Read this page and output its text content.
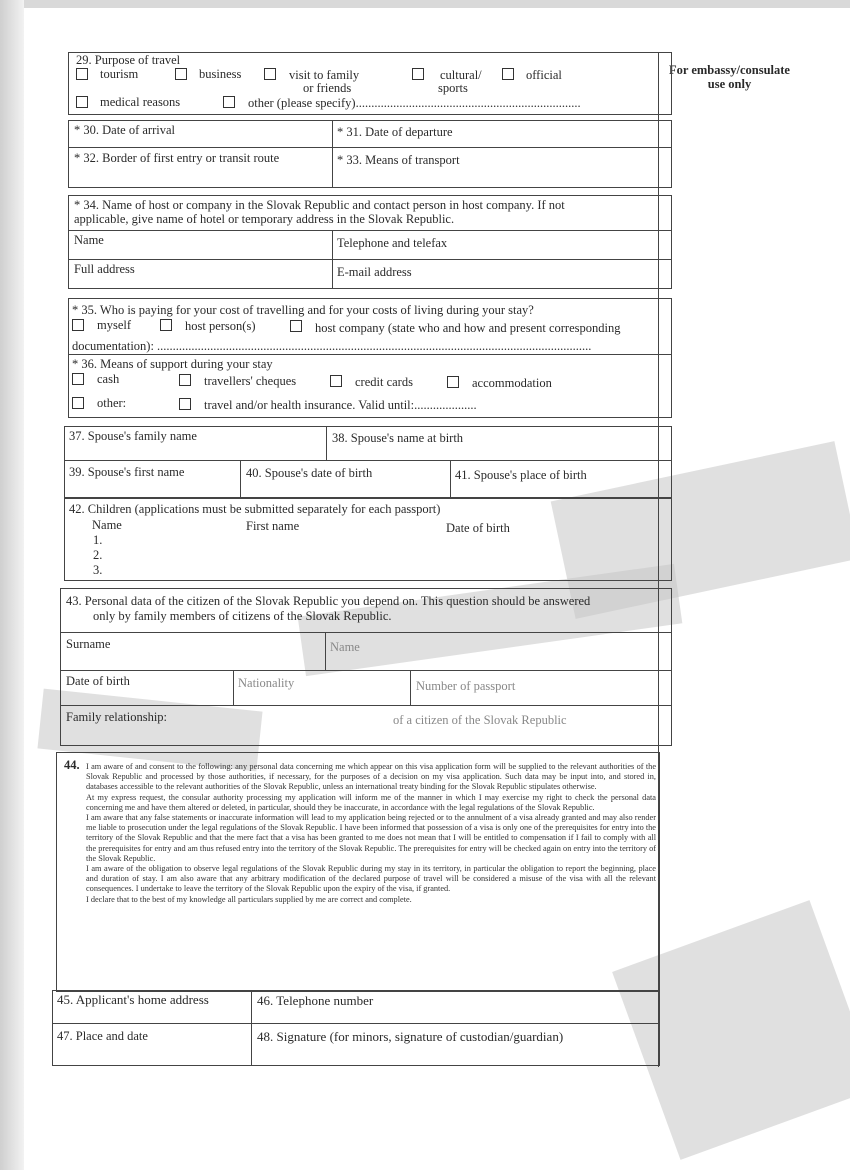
For embassy/consulate use only
29. Purpose of travel
tourism	business	visit to family
or friends
cultural/
sports
official
medical reasons	other (please specify)........................................................................
* 30. Date of arrival	* 31. Date of departure
* 32. Border of first entry or transit route	* 33. Means of transport
* 34. Name of host or company in the Slovak Republic and contact person in host company. If not
applicable, give name of hotel or temporary address in the Slovak Republic.
Name	Telephone and telefax
Full address	E-mail address
* 35. Who is paying for your cost of travelling and for your costs of living during your stay?
myself	host person(s)	host company (state who and how and present corresponding
documentation): ...........................................................................................................................................
* 36. Means of support during your stay
cash	travellers' cheques	credit cards	accommodation
other:	travel and/or health insurance. Valid until:....................
37. Spouse's family name	38. Spouse's name at birth
39. Spouse's first name	40. Spouse's date of birth	41. Spouse's place of birth
42. Children (applications must be submitted separately for each passport)
Name	First name	Date of birth
1.
2.
3.
43. Personal data of the citizen of the Slovak Republic you depend on. This question should be answered
only by family members of citizens of the Slovak Republic.
Surname	Name
Date of birth	Nationality	Number of passport
Family relationship:	of a citizen of the Slovak Republic
44. I am aware of and consent to the following: any personal data concerning me which appear on this visa application form will be supplied to the relevant authorities of the Slovak Republic and processed by those authorities, if necessary, for the purposes of a decision on my visa application. Such data may be input into, and stored in, databases accessible to the relevant authorities of the Slovak Republic, unless an international treaty binding for the Slovak Republic stipulates otherwise.

At my express request, the consular authority processing my application will inform me of the manner in which I may exercise my right to check the personal data concerning me and have them altered or deleted, in particular, should they be inaccurate, in accordance with the legal regulations of the Slovak Republic.

I am aware that any false statements or inaccurate information will lead to my application being rejected or to the annulment of a visa already granted and may also render me liable to prosecution under the legal regulations of the Slovak Republic. I have been informed that possession of a visa is only one of the prerequisites for entry into the territory of the Slovak Republic and that the mere fact that a visa has been granted to me does not mean that I will be entitled to compensation if I fail to comply with all the prerequisites for entry and am thus refused entry into the territory of the Slovak Republic. The prerequisites for entry will be checked again on entry into the territory of the Slovak Republic.

I am aware of the obligation to observe legal regulations of the Slovak Republic during my stay in its territory, in particular the obligation to report the beginning, place and duration of stay. I am also aware that any arbitrary modification of the declared purpose of travel will be considered a misuse of the visa with all the relevant consequences. I undertake to leave the territory of the Slovak Republic upon the expiry of the visa, if granted.

I declare that to the best of my knowledge all particulars supplied by me are correct and complete.

45. Applicant's home address	46. Telephone number
47. Place and date	48. Signature (for minors, signature of custodian/guardian)
